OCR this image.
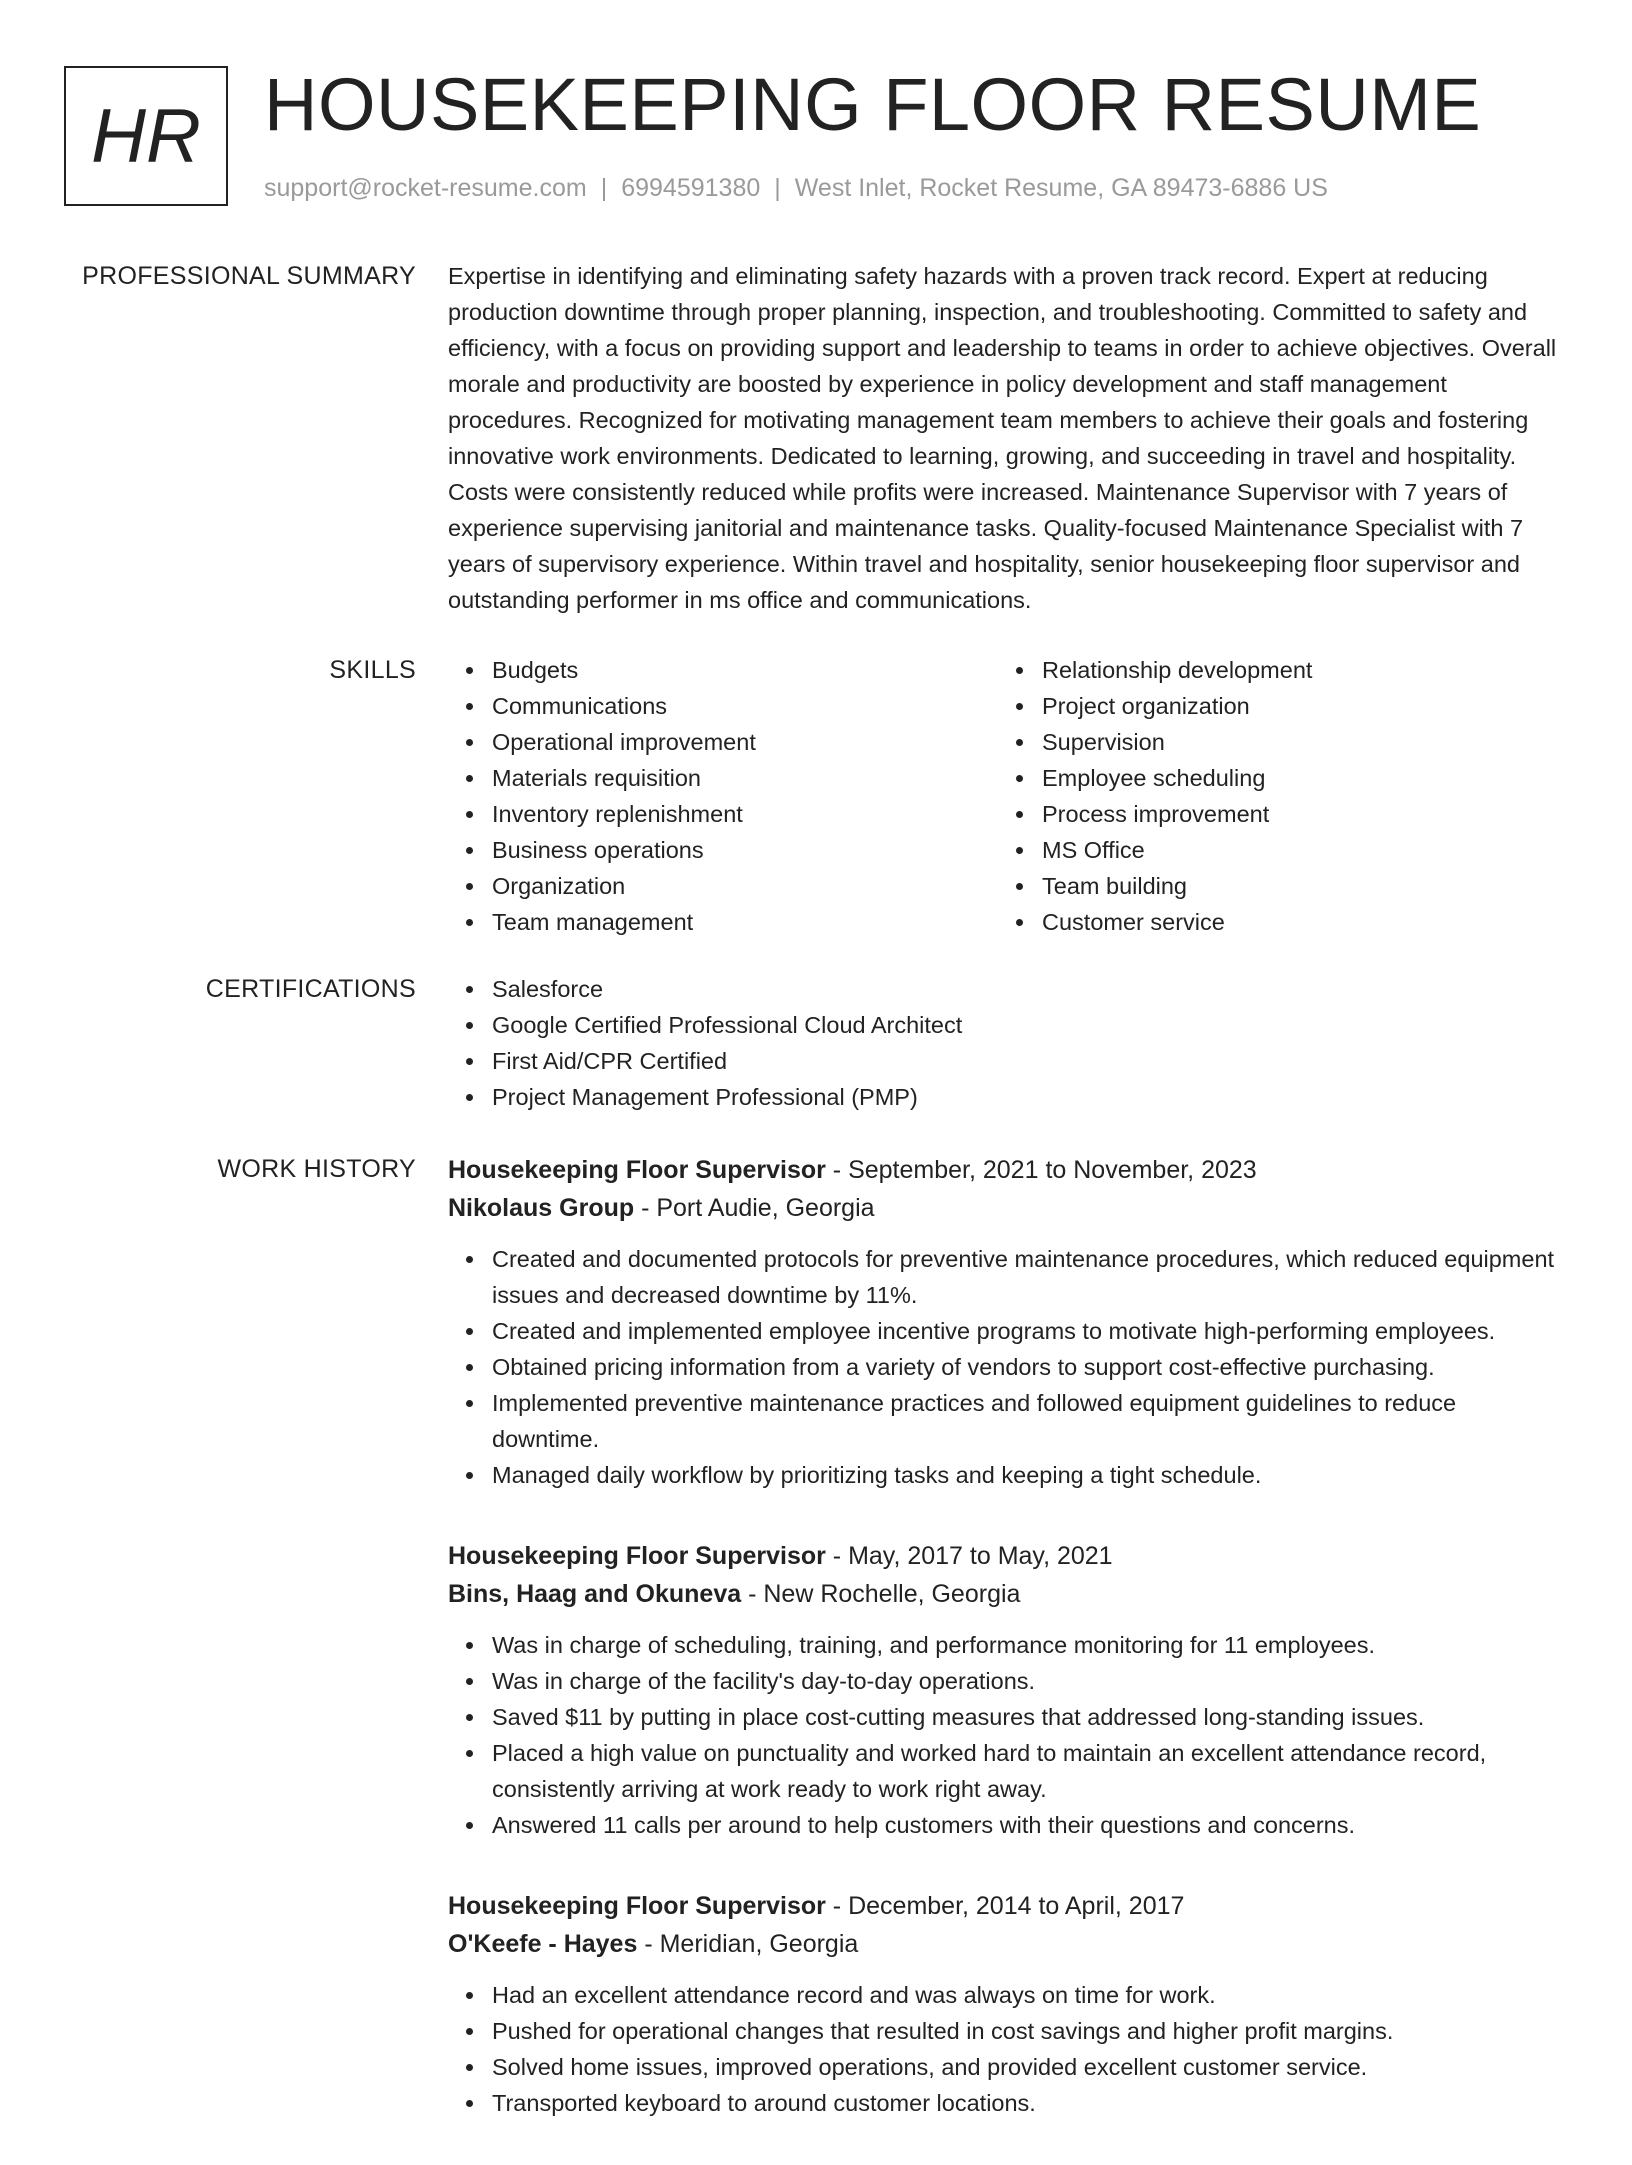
HR HOUSEKEEPING FLOOR RESUME
support@rocket-resume.com | 6994591380 | West Inlet, Rocket Resume, GA 89473-6886 US
PROFESSIONAL SUMMARY Expertise in identifying and eliminating safety hazards with a proven track record. Expert at reducing production downtime through proper planning, inspection, and troubleshooting. Committed to safety and efficiency, with a focus on providing support and leadership to teams in order to achieve objectives. Overall morale and productivity are boosted by experience in policy development and staff management procedures. Recognized for motivating management team members to achieve their goals and fostering innovative work environments. Dedicated to learning, growing, and succeeding in travel and hospitality. Costs were consistently reduced while profits were increased. Maintenance Supervisor with 7 years of experience supervising janitorial and maintenance tasks. Quality-focused Maintenance Specialist with 7 years of supervisory experience. Within travel and hospitality, senior housekeeping floor supervisor and outstanding performer in ms office and communications.

SKILLS	Budgets
Communications
Operational improvement
Materials requisition
Inventory replenishment
Business operations
Organization
Team management
Relationship development
Project organization
Supervision
Employee scheduling
Process improvement
MS Office
Team building
Customer service
CERTIFICATIONS	Salesforce
Google Certified Professional Cloud Architect
First Aid/CPR Certified
Project Management Professional (PMP)
WORK HISTORY Housekeeping Floor Supervisor - September, 2021 to November, 2023
Nikolaus Group - Port Audie, Georgia
Created and documented protocols for preventive maintenance procedures, which reduced equipment issues and decreased downtime by 11%.
Created and implemented employee incentive programs to motivate high-performing employees.
Obtained pricing information from a variety of vendors to support cost-effective purchasing.
Implemented preventive maintenance practices and followed equipment guidelines to reduce downtime.
Managed daily workflow by prioritizing tasks and keeping a tight schedule.
Housekeeping Floor Supervisor - May, 2017 to May, 2021
Bins, Haag and Okuneva - New Rochelle, Georgia
Was in charge of scheduling, training, and performance monitoring for 11 employees.
Was in charge of the facility's day-to-day operations.
Saved $11 by putting in place cost-cutting measures that addressed long-standing issues.
Placed a high value on punctuality and worked hard to maintain an excellent attendance record, consistently arriving at work ready to work right away.
Answered 11 calls per around to help customers with their questions and concerns.
Housekeeping Floor Supervisor - December, 2014 to April, 2017
O'Keefe - Hayes - Meridian, Georgia
Had an excellent attendance record and was always on time for work.
Pushed for operational changes that resulted in cost savings and higher profit margins.
Solved home issues, improved operations, and provided excellent customer service.
Transported keyboard to around customer locations.
